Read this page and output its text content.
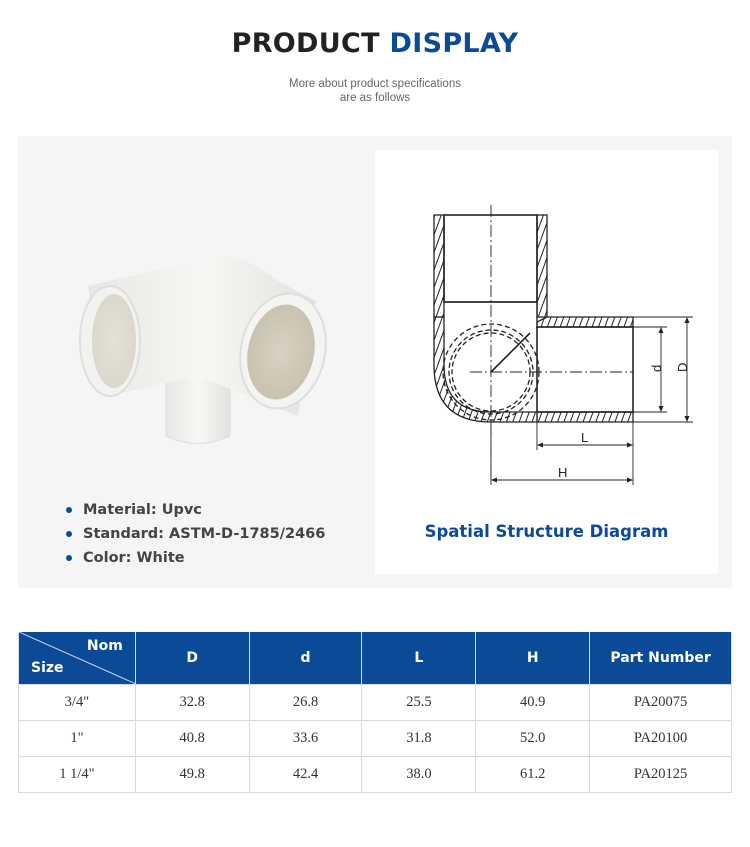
PRODUCT DISPLAY
More about product specifications
are as follows
Material: Upvc
Standard: ASTM-D-1785/2466
Color: White
d D
L
H
Spatial Structure Diagram
Nom
Size	D	d	L	H	Part Number
3/4"	32.8	26.8	25.5	40.9	PA20075
1"	40.8	33.6	31.8	52.0	PA20100
1 1/4"	49.8	42.4	38.0	61.2	PA20125
